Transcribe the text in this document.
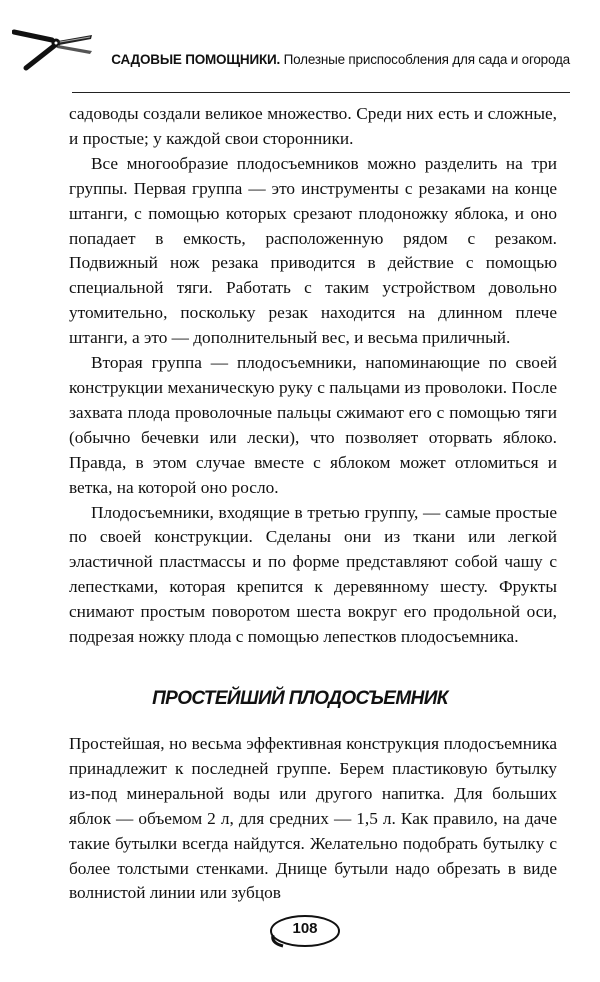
САДОВЫЕ ПОМОЩНИКИ. Полезные приспособления для сада и огорода

садоводы создали великое множество. Среди них есть и сложные, и простые; у каждой свои сторонники.

Все многообразие плодосъемников можно разделить на три группы. Первая группа — это инструменты с резаками на конце штанги, с помощью которых срезают плодоножку яблока, и оно попадает в емкость, расположенную рядом с резаком. Подвижный нож резака приводится в действие с помощью специальной тяги. Работать с таким устройством довольно утомительно, поскольку резак находится на длинном плече штанги, а это — дополнительный вес, и весьма приличный.

Вторая группа — плодосъемники, напоминающие по своей конструкции механическую руку с пальцами из проволоки. После захвата плода проволочные пальцы сжимают его с помощью тяги (обычно бечевки или лески), что позволяет оторвать яблоко. Правда, в этом случае вместе с яблоком может отломиться и ветка, на которой оно росло.

Плодосъемники, входящие в третью группу, — самые простые по своей конструкции. Сделаны они из ткани или легкой эластичной пластмассы и по форме представляют собой чашу с лепестками, которая крепится к деревянному шесту. Фрукты снимают простым поворотом шеста вокруг его продольной оси, подрезая ножку плода с помощью лепестков плодосъемника.

ПРОСТЕЙШИЙ ПЛОДОСЪЕМНИК

Простейшая, но весьма эффективная конструкция плодосъемника принадлежит к последней группе. Берем пластиковую бутылку из-под минеральной воды или другого напитка. Для больших яблок — объемом 2 л, для средних — 1,5 л. Как правило, на даче такие бутылки всегда найдутся. Желательно подобрать бутылку с более толстыми стенками. Днище бутыли надо обрезать в виде волнистой линии или зубцов

108
